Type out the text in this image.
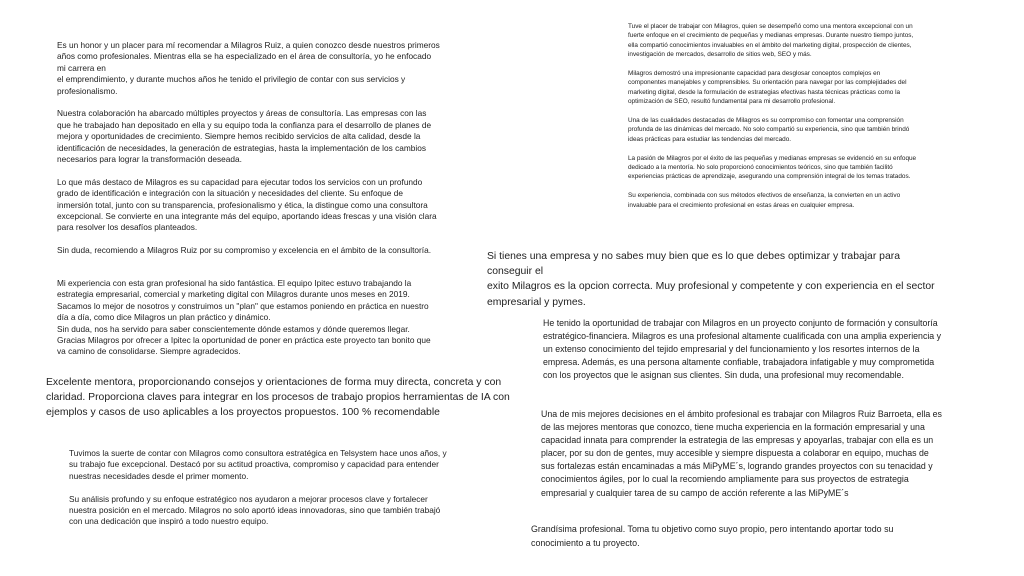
Es un honor y un placer para mí recomendar a Milagros Ruiz, a quien conozco desde nuestros primeros
años como profesionales. Mientras ella se ha especializado en el área de consultoría, yo he enfocado
mi carrera en
el emprendimiento, y durante muchos años he tenido el privilegio de contar con sus servicios y
profesionalismo.

Nuestra colaboración ha abarcado múltiples proyectos y áreas de consultoría. Las empresas con las
que he trabajado han depositado en ella y su equipo toda la confianza para el desarrollo de planes de
mejora y oportunidades de crecimiento. Siempre hemos recibido servicios de alta calidad, desde la
identificación de necesidades, la generación de estrategias, hasta la implementación de los cambios
necesarios para lograr la transformación deseada.

Lo que más destaco de Milagros es su capacidad para ejecutar todos los servicios con un profundo
grado de identificación e integración con la situación y necesidades del cliente. Su enfoque de
inmersión total, junto con su transparencia, profesionalismo y ética, la distingue como una consultora
excepcional. Se convierte en una integrante más del equipo, aportando ideas frescas y una visión clara
para resolver los desafíos planteados.

Sin duda, recomiendo a Milagros Ruiz por su compromiso y excelencia en el ámbito de la consultoría.

Mi experiencia con esta gran profesional ha sido fantástica. El equipo Ipitec estuvo trabajando la
estrategia empresarial, comercial y marketing digital con Milagros durante unos meses en 2019.
Sacamos lo mejor de nosotros y construimos un "plan" que estamos poniendo en práctica en nuestro
día a día, como dice Milagros un plan práctico y dinámico.
Sin duda, nos ha servido para saber conscientemente dónde estamos y dónde queremos llegar.
Gracias Milagros por ofrecer a Ipitec la oportunidad de poner en práctica este proyecto tan bonito que
va camino de consolidarse. Siempre agradecidos.

Excelente mentora, proporcionando consejos y orientaciones de forma muy directa, concreta y con
claridad. Proporciona claves para integrar en los procesos de trabajo propios herramientas de IA con
ejemplos y casos de uso aplicables a los proyectos propuestos. 100 % recomendable

Tuvimos la suerte de contar con Milagros como consultora estratégica en Telsystem hace unos años, y
su trabajo fue excepcional. Destacó por su actitud proactiva, compromiso y capacidad para entender
nuestras necesidades desde el primer momento.

Su análisis profundo y su enfoque estratégico nos ayudaron a mejorar procesos clave y fortalecer
nuestra posición en el mercado. Milagros no solo aportó ideas innovadoras, sino que también trabajó
con una dedicación que inspiró a todo nuestro equipo.

Tuve el placer de trabajar con Milagros, quien se desempeñó como una mentora excepcional con un
fuerte enfoque en el crecimiento de pequeñas y medianas empresas. Durante nuestro tiempo juntos,
ella compartió conocimientos invaluables en el ámbito del marketing digital, prospección de clientes,
investigación de mercados, desarrollo de sitios web, SEO y más.

Milagros demostró una impresionante capacidad para desglosar conceptos complejos en
componentes manejables y comprensibles. Su orientación para navegar por las complejidades del
marketing digital, desde la formulación de estrategias efectivas hasta técnicas prácticas como la
optimización de SEO, resultó fundamental para mi desarrollo profesional.

Una de las cualidades destacadas de Milagros es su compromiso con fomentar una comprensión
profunda de las dinámicas del mercado. No solo compartió su experiencia, sino que también brindó
ideas prácticas para estudiar las tendencias del mercado.

La pasión de Milagros por el éxito de las pequeñas y medianas empresas se evidenció en su enfoque
dedicado a la mentoría. No solo proporcionó conocimientos teóricos, sino que también facilitó
experiencias prácticas de aprendizaje, asegurando una comprensión integral de los temas tratados.

Su experiencia, combinada con sus métodos efectivos de enseñanza, la convierten en un activo
invaluable para el crecimiento profesional en estas áreas en cualquier empresa.

Si tienes una empresa y no sabes muy bien que es lo que debes optimizar y trabajar para conseguir el
exito Milagros es la opcion correcta. Muy profesional y competente y con experiencia en el sector
empresarial y pymes.

He tenido la oportunidad de trabajar con Milagros en un proyecto conjunto de formación y consultoría
estratégico-financiera. Milagros es una profesional altamente cualificada con una amplia experiencia y
un extenso conocimiento del tejido empresarial y del funcionamiento y los resortes internos de la
empresa. Además, es una persona altamente confiable, trabajadora infatigable y muy comprometida
con los proyectos que le asignan sus clientes. Sin duda, una profesional muy recomendable.

Una de mis mejores decisiones en el ámbito profesional es trabajar con Milagros Ruiz Barroeta, ella es
de las mejores mentoras que conozco, tiene mucha experiencia en la formación empresarial y una
capacidad innata para comprender la estrategia de las empresas y apoyarlas, trabajar con ella es un
placer, por su don de gentes, muy accesible y siempre dispuesta a colaborar en equipo, muchas de
sus fortalezas están encaminadas a más MiPyME´s, logrando grandes proyectos con su tenacidad y
conocimientos ágiles, por lo cual la recomiendo ampliamente para sus proyectos de estrategia
empresarial y cualquier tarea de su campo de acción referente a las MiPyME´s

Grandísima profesional. Toma tu objetivo como suyo propio, pero intentando aportar todo su
conocimiento a tu proyecto.
